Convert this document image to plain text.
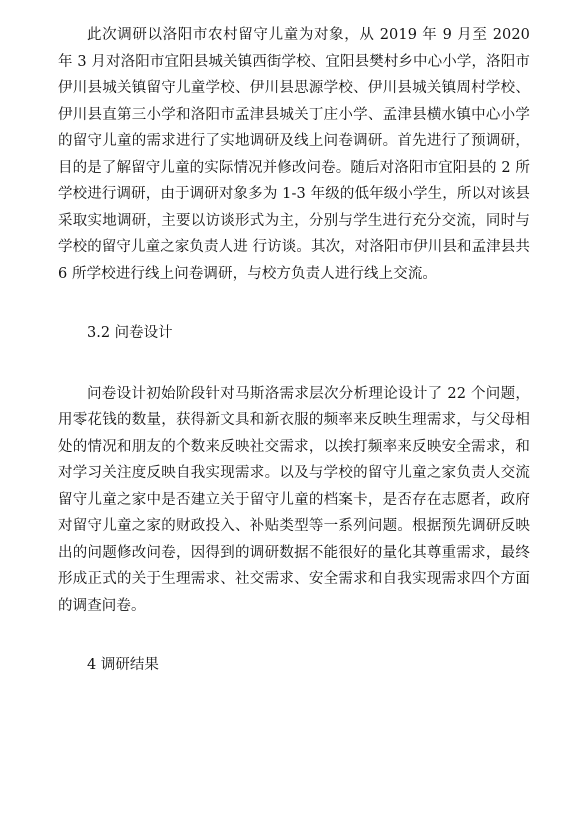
此次调研以洛阳市农村留守儿童为对象，从 2019 年 9 月至 2020 年 3 月对洛阳市宜阳县城关镇西街学校、宜阳县樊村乡中心小学，洛阳市伊川县城关镇留守儿童学校、伊川县思源学校、伊川县城关镇周村学校、伊川县直第三小学和洛阳市孟津县城关丁庄小学、孟津县横水镇中心小学的留守儿童的需求进行了实地调研及线上问卷调研。首先进行了预调研，目的是了解留守儿童的实际情况并修改问卷。随后对洛阳市宜阳县的 2 所学校进行调研，由于调研对象多为 1-3 年级的低年级小学生，所以对该县采取实地调研，主要以访谈形式为主，分别与学生进行充分交流，同时与学校的留守儿童之家负责人进 行访谈。其次，对洛阳市伊川县和孟津县共 6 所学校进行线上问卷调研，与校方负责人进行线上交流。

3.2 问卷设计

问卷设计初始阶段针对马斯洛需求层次分析理论设计了 22 个问题，用零花钱的数量，获得新文具和新衣服的频率来反映生理需求，与父母相处的情况和朋友的个数来反映社交需求，以挨打频率来反映安全需求，和对学习关注度反映自我实现需求。以及与学校的留守儿童之家负责人交流留守儿童之家中是否建立关于留守儿童的档案卡，是否存在志愿者，政府对留守儿童之家的财政投入、补贴类型等一系列问题。根据预先调研反映出的问题修改问卷，因得到的调研数据不能很好的量化其尊重需求，最终形成正式的关于生理需求、社交需求、安全需求和自我实现需求四个方面的调查问卷。

4 调研结果
